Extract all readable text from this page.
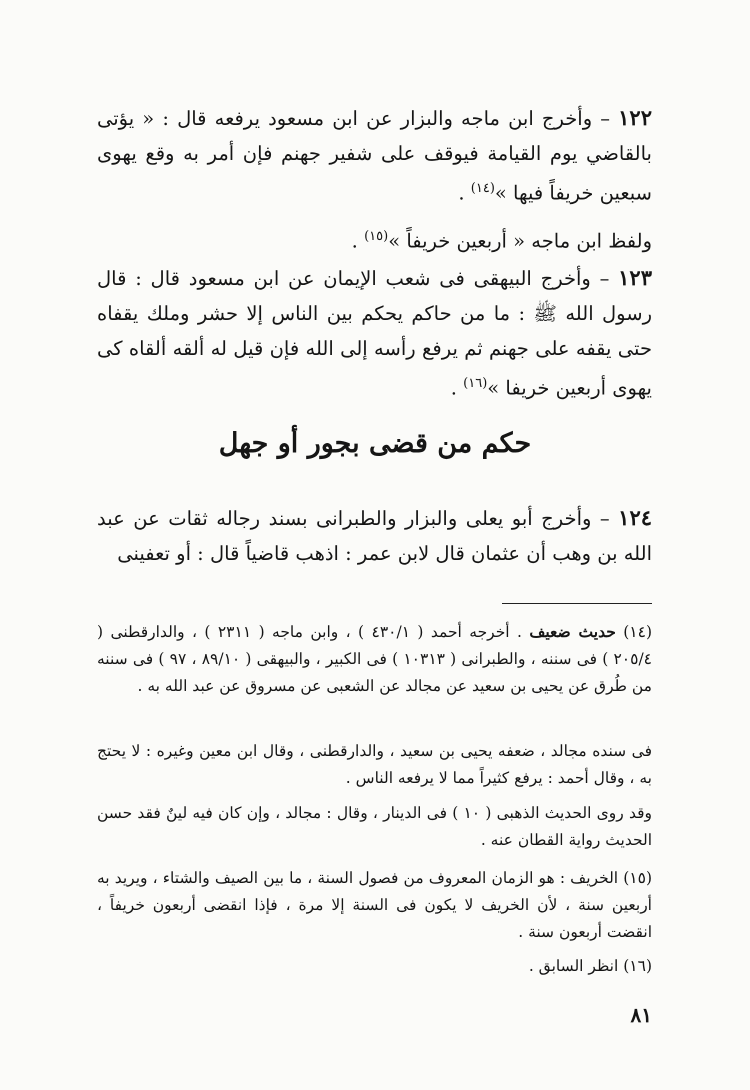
١٢٢ – وأخرج ابن ماجه والبزار عن ابن مسعود يرفعه قال : « يؤتى بالقاضي يوم القيامة فيوقف على شفير جهنم فإن أمر به وقع يهوى سبعين خريفاً فيها »$^{(١٤)}$ .

ولفظ ابن ماجه « أربعين خريفاً »$^{(١٥)}$ .

١٢٣ – وأخرج البيهقى فى شعب الإيمان عن ابن مسعود قال : قال رسول الله ﷺ : ما من حاكم يحكم بين الناس إلا حشر وملك يقفاه حتى يقفه على جهنم ثم يرفع رأسه إلى الله فإن قيل له ألقه ألقاه كى يهوى أربعين خريفا »$^{(١٦)}$ .

حكم من قضى بجور أو جهل

١٢٤ – وأخرج أبو يعلى والبزار والطبرانى بسند رجاله ثقات عن عبد الله بن وهب أن عثمان قال لابن عمر : اذهب قاضياً قال : أو تعفينى

(١٤) حديث ضعيف . أخرجه أحمد ( ٤٣٠/١ ) ، وابن ماجه ( ٢٣١١ ) ، والدارقطنى ( ٢٠٥/٤ ) فى سننه ، والطبرانى ( ١٠٣١٣ ) فى الكبير ، والبيهقى ( ٨٩/١٠ ، ٩٧ ) فى سننه من طُرق عن يحيى بن سعيد عن مجالد عن الشعبى عن مسروق عن عبد الله به .

فى سنده مجالد ، ضعفه يحيى بن سعيد ، والدارقطنى ، وقال ابن معين وغيره : لا يحتج به ، وقال أحمد : يرفع كثيراً مما لا يرفعه الناس .

وقد روى الحديث الذهبى ( ١٠ ) فى الدينار ، وقال : مجالد ، وإن كان فيه لينٌ فقد حسن الحديث رواية القطان عنه .

(١٥) الخريف : هو الزمان المعروف من فصول السنة ، ما بين الصيف والشتاء ، ويريد به أربعين سنة ، لأن الخريف لا يكون فى السنة إلا مرة ، فإذا انقضى أربعون خريفاً ، انقضت أربعون سنة .

(١٦) انظر السابق .

٨١
